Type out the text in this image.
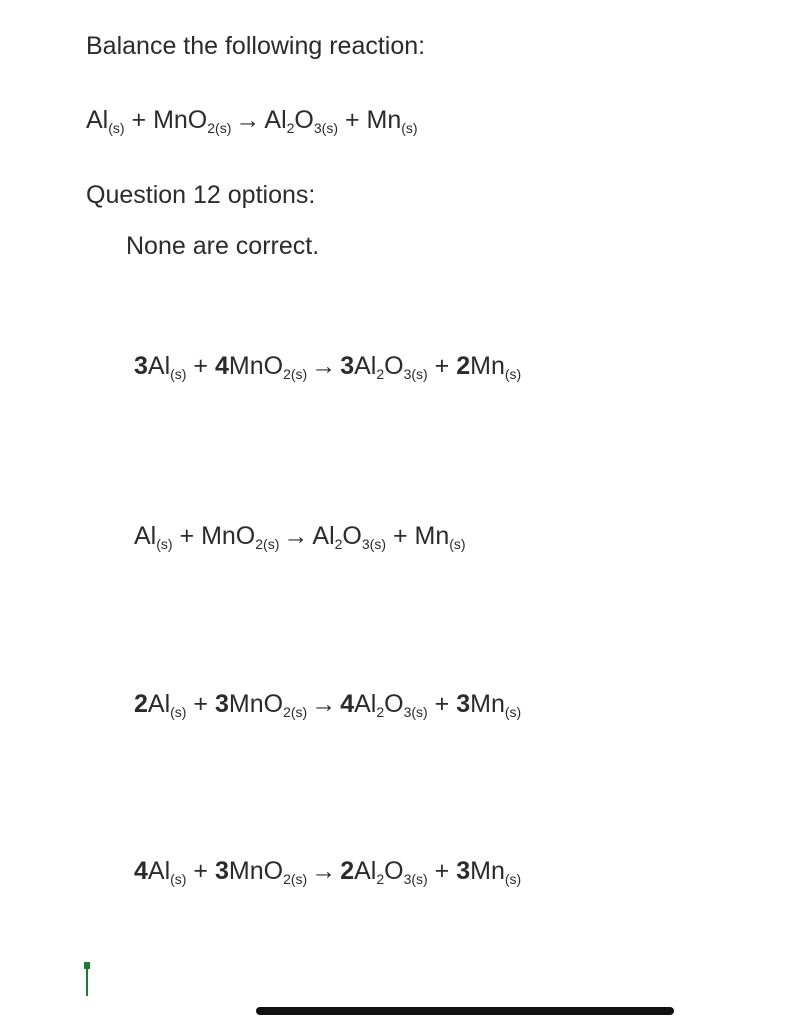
Balance the following reaction:
$Al_{(s)} + MnO_{2(s)} \to Al_2O_{3(s)} + Mn_{(s)}$
Question 12 options:
None are correct.
$3Al_{(s)} + 4MnO_{2(s)} \to 3Al_2O_{3(s)} + 2Mn_{(s)}$
$Al_{(s)} + MnO_{2(s)} \to Al_2O_{3(s)} + Mn_{(s)}$
$2Al_{(s)} + 3MnO_{2(s)} \to 4Al_2O_{3(s)} + 3Mn_{(s)}$
$4Al_{(s)} + 3MnO_{2(s)} \to 2Al_2O_{3(s)} + 3Mn_{(s)}$
